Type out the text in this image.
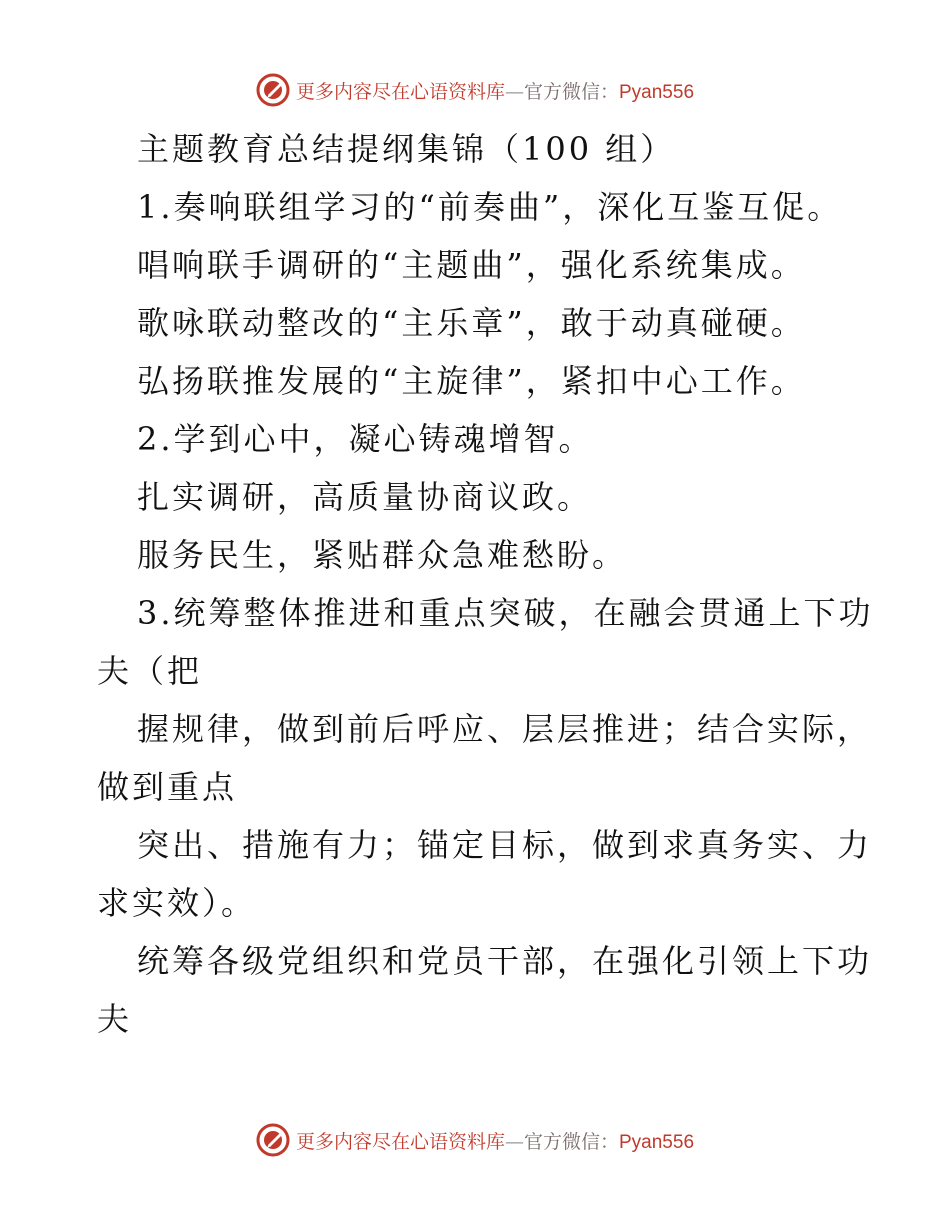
更多内容尽在心语资料库—官方微信：Pyan556
主题教育总结提纲集锦（100 组）
1.奏响联组学习的“前奏曲”，深化互鉴互促。
唱响联手调研的“主题曲”，强化系统集成。
歌咏联动整改的“主乐章”，敢于动真碰硬。
弘扬联推发展的“主旋律”，紧扣中心工作。
2.学到心中，凝心铸魂增智。
扎实调研，高质量协商议政。
服务民生，紧贴群众急难愁盼。
3.统筹整体推进和重点突破，在融会贯通上下功
夫（把
握规律，做到前后呼应、层层推进；结合实际，
做到重点
突出、措施有力；锚定目标，做到求真务实、力
求实效）。
统筹各级党组织和党员干部，在强化引领上下功
夫
更多内容尽在心语资料库—官方微信：Pyan556
